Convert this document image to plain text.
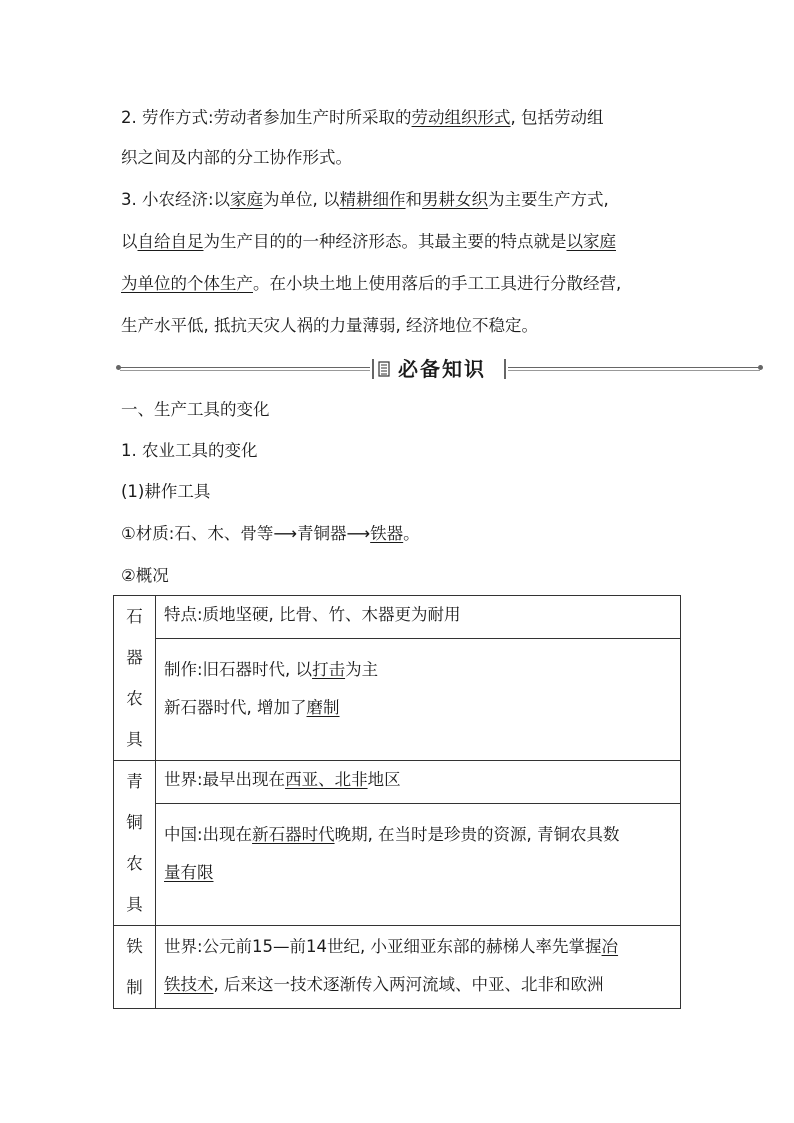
2. 劳作方式:劳动者参加生产时所采取的劳动组织形式, 包括劳动组
织之间及内部的分工协作形式。
3. 小农经济:以家庭为单位, 以精耕细作和男耕女织为主要生产方式,
以自给自足为生产目的的一种经济形态。其最主要的特点就是以家庭
为单位的个体生产。在小块土地上使用落后的手工工具进行分散经营,
生产水平低, 抵抗天灾人祸的力量薄弱, 经济地位不稳定。
必备知识
一、生产工具的变化
1. 农业工具的变化
(1)耕作工具
①材质:石、木、骨等⟶青铜器⟶铁器。
②概况
石
器
农
具	特点:质地坚硬, 比骨、竹、木器更为耐用

	制作:旧石器时代, 以打击为主
新石器时代, 增加了磨制

青
铜
农
具	世界:最早出现在西亚、北非地区

	中国:出现在新石器时代晚期, 在当时是珍贵的资源, 青铜农具数
量有限

铁
制	世界:公元前15—前14世纪, 小亚细亚东部的赫梯人率先掌握冶
铁技术, 后来这一技术逐渐传入两河流域、中亚、北非和欧洲
